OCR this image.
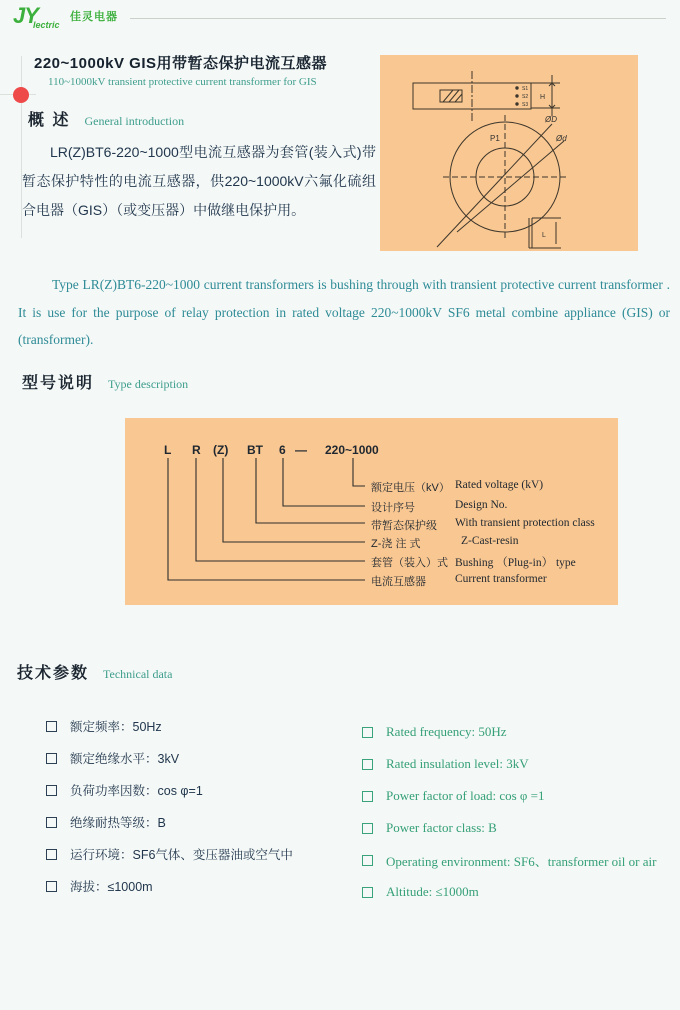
JY
lectric
佳灵电器
220~1000kV GIS用带暂态保护电流互感器
110~1000kV transient protective current transformer for GIS
S1
S2
S3
H
P1
ØD
Ød
L
概 述 General introduction
LR(Z)BT6-220~1000型电流互感器为套管(装入式)带暂态保护特性的电流互感器，供220~1000kV六氟化硫组合电器（GIS）（或变压器）中做继电保护用。
Type LR(Z)BT6-220~1000 current transformers is bushing through with transient protective current transformer . It is use for the purpose of relay protection in rated voltage 220~1000kV SF6 metal combine appliance (GIS) or (transformer).
型号说明 Type description
L R (Z) BT 6 — 220~1000
额定电压（kV） Rated voltage (kV)
设计序号	Design No.
带暂态保护级 With transient protection class
Z-浇 注 式	Z-Cast-resin
套管（装入）式 Bushing （Plug-in） type
电流互感器	Current transformer
技术参数 Technical data
额定频率：50Hz
额定绝缘水平：3kV
负荷功率因数：cos φ=1
绝缘耐热等级：B
运行环境：SF6气体、变压器油或空气中
海拔：≤1000m
Rated frequency: 50Hz
Rated insulation level: 3kV
Power factor of load: cos φ =1
Power factor class: B
Operating environment: SF6、transformer oil or air
Altitude: ≤1000m
